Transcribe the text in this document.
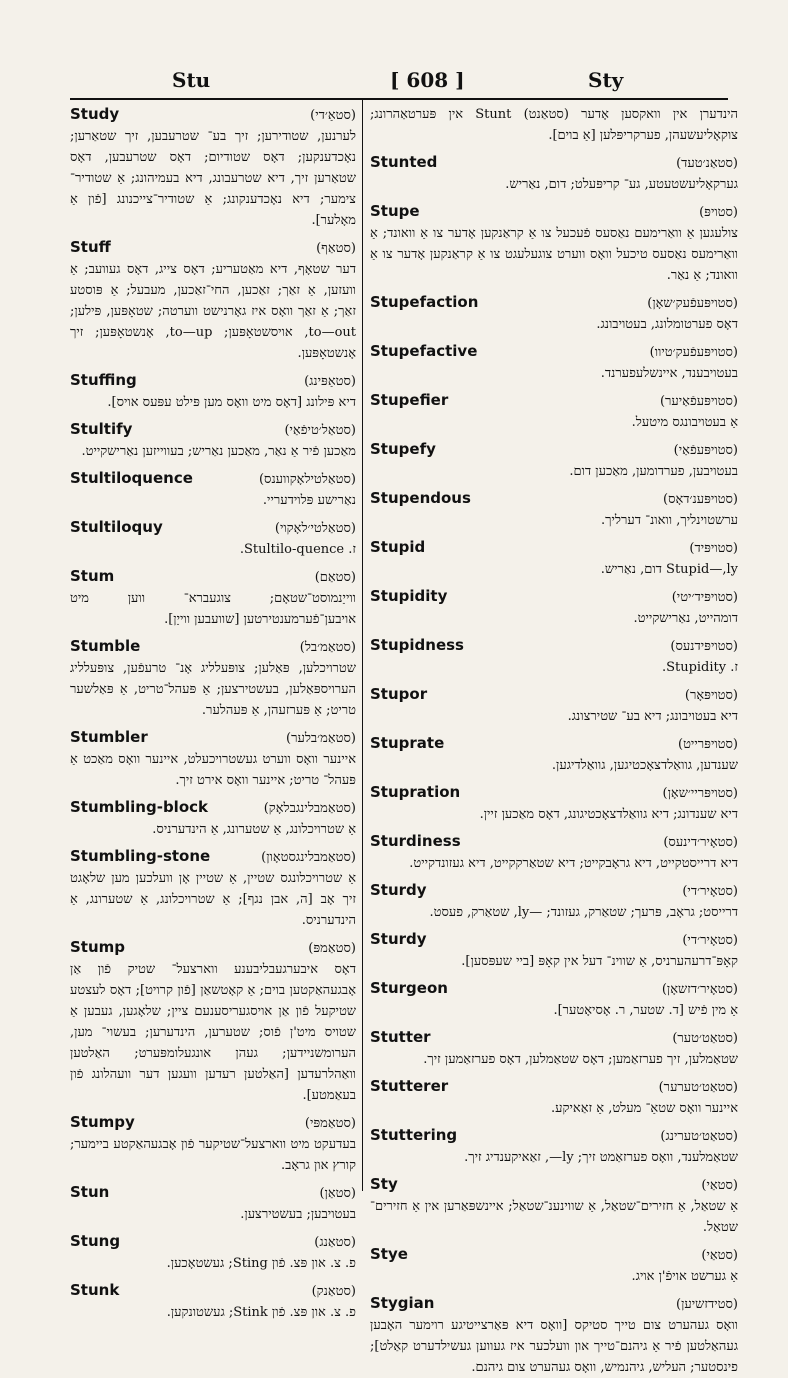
Stu	[ 608 ]	Sty
הינדערן אין וואקסען אָדער (סטאַנט) Stunt אין פּערטאַהרונג; צוקאָליעשעהן, פערקריפּלען [אַ בוים].
Stunted	(סטאַנ׳טעד)
גערקאָליעשטעטע, גע־ קריפּעלט; דום, נאַריש.
Stupe	(סטויפּ)
צולעגען אַ וואַרימעם נאַסעס פֿעכעל צו אַ קראַנקען אָדער צו אַ וואונד; אַ וואַרימעס נאַסעס טיכעל וואָס ווערט צוגעלעגט צו אַ קראַנקען אָדער צו אַ וואונד; אַ נאַר.
Stupefaction	(סטויפּעפֿעק׳שאָן)
דאָס פערטומלונג, בעטויבונג.
Stupefactive	(סטויפּעפֿעק׳טיוו)
בעטויבענד, איינשלעפערנד.
Stupefier	(סטויפּעפֿאַיער)
אַ בעטויבונגס מיטעל.
Stupefy	(סטויפּעפֿאַי)
בעטויבען, פערדומען, מאַכען דום.
Stupendous	(סטויפּענ׳דאָס)
ערשטוינליך, וואונ־ דערליך.
Stupid	(סטויפּיד)
Stupid—,ly דום, נאַריש.
Stupidity	(סטויפּיד׳יטי)
דומהייט, נאַרישקייט.
Stupidness	(סטויפּידנעס)
ז. Stupidity.
Stupor	(סטויפּאָר)
דיא בעטויבונג; דיא בע־ שטירצונג.
Stuprate	(סטויפּרייט)
שענדען, גוואַלדצאָכטיגען, גוואַלדיגען.
Stupration	(סטויפּריי׳שאָן)
דיא שענדונג; דיא גוואַלדצאָכטיגונג, דאָס מאַכען זיין.
Sturdiness	(סטאָיר׳דינעס)
דיא דרייסטקייט, דיא גראָבקייט; דיא שטאַרקקייט, דיא געזונדקייט.
Sturdy	(סטאָיר׳די)
דרייסט; גראָב, פּרעך; שטאַרק, געזונד; —ly, שטאַרק, פעסט.
Sturdy	(סטאָיר׳די)
קאָפּ־דרעהערניס, אַ שווינ־ דעל אין קאָפּ [ביי שעפּסען].
Sturgeon	(סטאָיר׳דזשאָן)
אַ מין פֿיש [ד. שטער, ר. אָסיאָטער].
Stutter	(סטאַט׳טער)
שטאַמלען, זיך פערזאַמען; דאָס שטאַמלען, דאָס פערזאַמען זיך.
Stutterer	(סטאַט׳טערער)
איינער וואָס שטאַ־ מעלט, אַ זאַאיקע.
Stuttering	(סטאַט׳טערינג)
שטאַמלענד, וואָס פערזאַמט זיך; ly—, זאַאיקענדיג זיך.
Sty	(סטאַי)
אַ שטאַל, אַ חזירים־שטאַל, אַ שווינענ־שטאַל; איינשפּאַרען אין אַ חזירים־ שטאַל.
Stye	(סטאַי)
אַ גערשט אויפֿ'ן אויג.
Stygian	(סטידזשיען)
וואָס געהערט צום טייך סטיקס [וואָס דיא פּאַרצייטיגע רוימער האָבען געהאַלטען פֿיר אַ גיהנם־טייך און וועלכער איז געווען געשילדערט קאַלט]; פינסטער; העליש, גיהנמיש, וואָס געהערט צום גיהנם.
Study	(סטאַ׳די)
לערנען, שטודירען; זיך בע־ שטרעבען, זיך שטאַרען; נאָכדענקען; דאָס שטודיום; דאָס שטרעבען, דאָס שטאַרען זיך, דיא שטרעבונג, דיא בעמיהונג; אַ שטודיר־ צימער; דיא נאָכדענקונג; אַ שטודיר־צייכנונג [פֿון אַ מאָלער].
Stuff	(סטאַף)
דער שטאָף, דיא מאַטעריע; דאָס צייג, דאָס געוועב; אַ וועזען, אַ זאַך; זאַכען, החי־זאַכען, מעבעל; אַ פּוסטע זאַך; אַ זאַך וואָס איז גאָרנישט ווערטה; שטאָפּען, פּילען; to—out, אויסשטאָפּען; to—up, אָנשטאָפּען; זיך אָנשטאָפּען.
Stuffing	(סטאַפּינג)
דיא פּילונג [דאָס מיט וואָס מען פּילט עפּעס אויס].
Stultify	(סטאַל׳טיפֿאַי)
מאַכען פֿיר אַ נאַר, מאַכען נאַריש; בעווייזען נאַרישקייט.
Stultiloquence	(סטאַלטילאָקווענס)
נאַרישע פּלוידעריי.
Stultiloquy	(סטאַלטי׳לאָקוי)
ז. Stultilo-quence.
Stum	(סטאַם)
ווייַנמוסט־שטאָם; צוגעברא־ ווען מיט אויבען־פֿערמענטירטען [שוועבען ווייַן].
Stumble	(סטאַמ׳בל)
שטרויכלען, פּאַלען; צופּעלליג אָנ־ טרעפֿען, צופּעלליג הערויספּאַלען, בעשטירצען; אַ פּעהל־טריט, אַ פּאַלשער טריט; אַ פּערזעהן, אַ פּעהלער.
Stumbler	(סטאַמ׳בלער)
איינער וואָס ווערט געשטרויכעלט, איינער וואָס מאַכט אַ פּעהל־ טריט; איינער וואָס אירט זיך.
Stumbling-block	(סטאַמבלינגבלאָק)
אַ שטרויכלונג, אַ שטערונג, אַ הינדערניס.
Stumbling-stone	(סטאַמבלינגסטאָון)
אַ שטרויכלונגס שטיין, אַ שטיין אָן וועלכען מען שלאָגט זיך אָב [ה, אבן נגף]; אַ שטרויכלונג, אַ שטערונג, אַ הינדערניס.
Stump	(סטאַמפּ)
דאָס איבערגעבליבענע ווארצעל־ שטיק פֿון אַן אָבגעהאַקטען בוים; אַ קאָטשאַן [פֿון קרויט]; דאָס לעצטע שטיקעל פֿון אַן אויסגעריסענעם ציין; שלאָגען, געבען אַ שטויס מיט'ן פֿוס; שטערען, הינדערען; בעשוי־ מען, הערומשניידען; געהן אונגעלומפּערט; האַלטען וואַהלרעדען [האַלטען רעדען וועגען דער וועהלונג פֿון בעאַמטע].
Stumpy	(סטאַמפּי)
בעדעקט מיט ווארצעל־שטיקער פֿון אָבגעהאַקטע ביימער; קורץ און גראָב.
Stun	(סטאַן)
בעטויבען; בעשטירצען.
Stung	(סטאַנג)
פ. צ. און פּצ. פֿון Sting; געשטאָכען.
Stunk	(סטאַנק)
פ. צ. און פּצ. פֿון Stink; געשטונקען.
